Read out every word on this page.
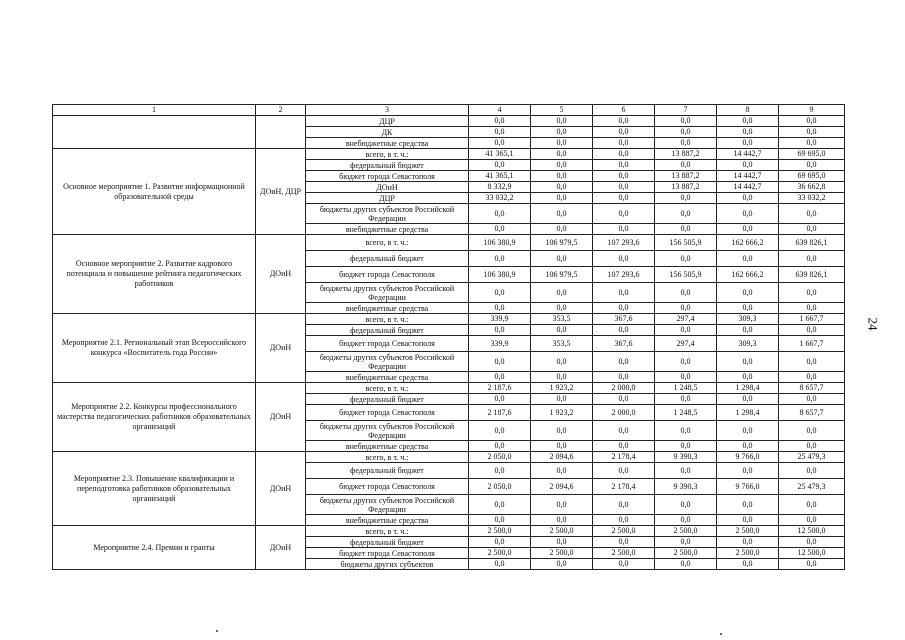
1	2	3	4	5	6	7	8	9
		ДЦР	0,0	0,0	0,0	0,0	0,0	0,0
		ДК	0,0	0,0	0,0	0,0	0,0	0,0
		внебюджетные средства	0,0	0,0	0,0	0,0	0,0	0,0
Основное мероприятие 1. Развитие информационной образовательной среды	ДОиН, ДЦР	всего, в т. ч.:	41 365,1	0,0	0,0	13 887,2	14 442,7	69 695,0
		федеральный бюджет	0,0	0,0	0,0	0,0	0,0	0,0
		бюджет города Севастополя	41 365,1	0,0	0,0	13 887,2	14 442,7	69 695,0
		ДОиН	8 332,9	0,0	0,0	13 887,2	14 442,7	36 662,8
		ДЦР	33 032,2	0,0	0,0	0,0	0,0	33 032,2
		бюджеты других субъектов Российской Федерации	0,0	0,0	0,0	0,0	0,0	0,0
		внебюджетные средства	0,0	0,0	0,0	0,0	0,0	0,0
Основное мероприятие 2. Развитие кадрового потенциала и повышение рейтинга педагогических работников	ДОиН	всего, в т. ч.:	106 380,9	106 979,5	107 293,6	156 505,9	162 666,2	639 826,1
		федеральный бюджет	0,0	0,0	0,0	0,0	0,0	0,0
		бюджет города Севастополя	106 380,9	106 979,5	107 293,6	156 505,9	162 666,2	639 826,1
		бюджеты других субъектов Российской Федерации	0,0	0,0	0,0	0,0	0,0	0,0
		внебюджетные средства	0,0	0,0	0,0	0,0	0,0	0,0
Мероприятие 2.1. Региональный этап Всероссийского конкурса «Воспитатель года России»	ДОиН	всего, в т. ч.:	339,9	353,5	367,6	297,4	309,3	1 667,7
		федеральный бюджет	0,0	0,0	0,0	0,0	0,0	0,0
		бюджет города Севастополя	339,9	353,5	367,6	297,4	309,3	1 667,7
		бюджеты других субъектов Российской Федерации	0,0	0,0	0,0	0,0	0,0	0,0
		внебюджетные средства	0,0	0,0	0,0	0,0	0,0	0,0
Мероприятие 2.2. Конкурсы профессионального мастерства педагогических работников образовательных организаций	ДОиН	всего, в т. ч.:	2 187,6	1 923,2	2 000,0	1 248,5	1 298,4	8 657,7
		федеральный бюджет	0,0	0,0	0,0	0,0	0,0	0,0
		бюджет города Севастополя	2 187,6	1 923,2	2 000,0	1 248,5	1 298,4	8 657,7
		бюджеты других субъектов Российской Федерации	0,0	0,0	0,0	0,0	0,0	0,0
		внебюджетные средства	0,0	0,0	0,0	0,0	0,0	0,0
Мероприятие 2.3. Повышение квалификации и переподготовка работников образовательных организаций	ДОиН	всего, в т. ч.:	2 050,0	2 094,6	2 178,4	9 390,3	9 766,0	25 479,3
		федеральный бюджет	0,0	0,0	0,0	0,0	0,0	0,0
		бюджет города Севастополя	2 050,0	2 094,6	2 178,4	9 390,3	9 766,0	25 479,3
		бюджеты других субъектов Российской Федерации	0,0	0,0	0,0	0,0	0,0	0,0
		внебюджетные средства	0,0	0,0	0,0	0,0	0,0	0,0
Мероприятие 2.4. Премии и гранты	ДОиН	всего, в т. ч.:	2 500,0	2 500,0	2 500,0	2 500,0	2 500,0	12 500,0
		федеральный бюджет	0,0	0,0	0,0	0,0	0,0	0,0
		бюджет города Севастополя	2 500,0	2 500,0	2 500,0	2 500,0	2 500,0	12 500,0
		бюджеты других субъектов	0,0	0,0	0,0	0,0	0,0	0,0
24
